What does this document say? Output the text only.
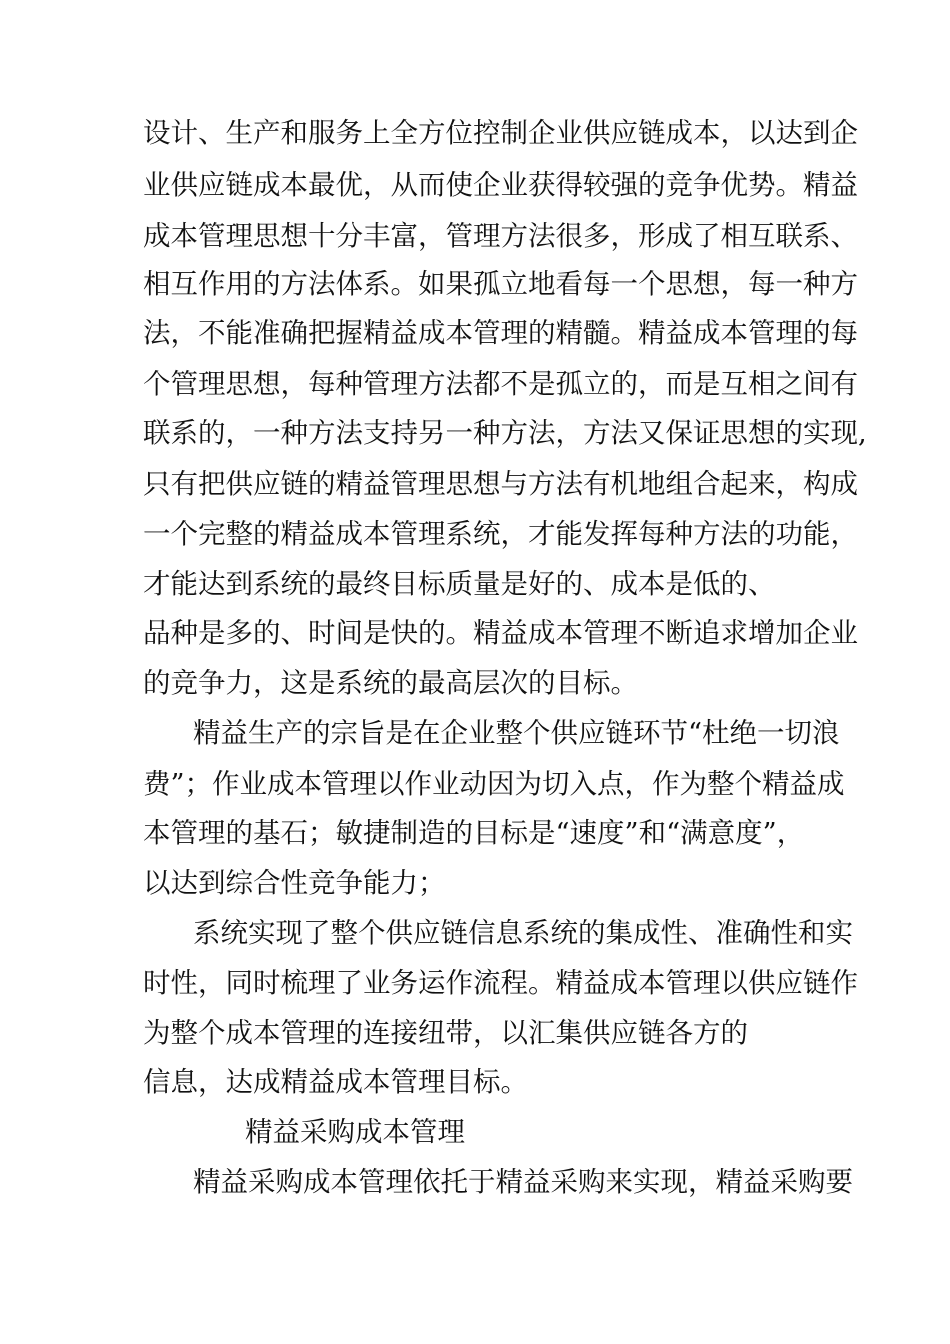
设计、生产和服务上全方位控制企业供应链成本，以达到企
业供应链成本最优，从而使企业获得较强的竞争优势。精益
成本管理思想十分丰富，管理方法很多，形成了相互联系、
相互作用的方法体系。如果孤立地看每一个思想，每一种方
法，不能准确把握精益成本管理的精髓。精益成本管理的每
个管理思想，每种管理方法都不是孤立的，而是互相之间有
联系的，一种方法支持另一种方法，方法又保证思想的实现,
只有把供应链的精益管理思想与方法有机地组合起来，构成
一个完整的精益成本管理系统，才能发挥每种方法的功能，
才能达到系统的最终目标质量是好的、成本是低的、
品种是多的、时间是快的。精益成本管理不断追求增加企业
的竞争力，这是系统的最高层次的目标。
精益生产的宗旨是在企业整个供应链环节“杜绝一切浪
费”；作业成本管理以作业动因为切入点，作为整个精益成
本管理的基石；敏捷制造的目标是“速度”和“满意度”，
以达到综合性竞争能力；
系统实现了整个供应链信息系统的集成性、准确性和实
时性，同时梳理了业务运作流程。精益成本管理以供应链作
为整个成本管理的连接纽带，以汇集供应链各方的
信息，达成精益成本管理目标。
精益采购成本管理
精益采购成本管理依托于精益采购来实现，精益采购要
